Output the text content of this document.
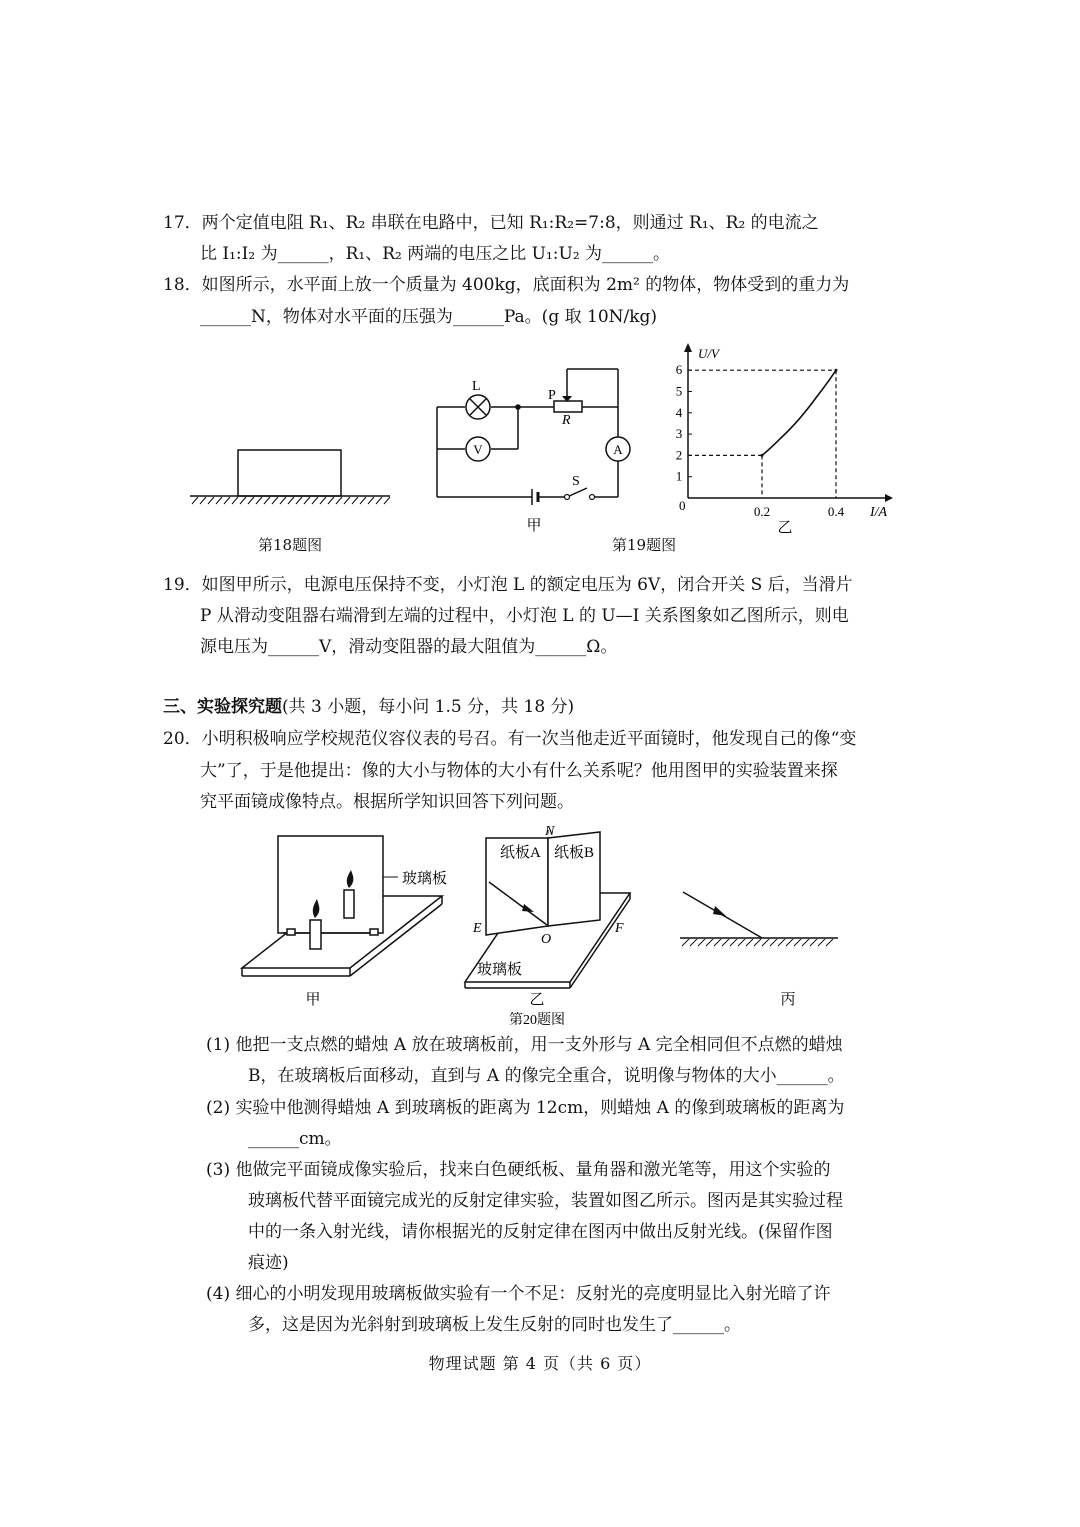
17．两个定值电阻 R₁、R₂ 串联在电路中，已知 R₁:R₂=7:8，则通过 R₁、R₂ 的电流之
比 I₁:I₂ 为______，R₁、R₂ 两端的电压之比 U₁:U₂ 为______。
18．如图所示，水平面上放一个质量为 400kg，底面积为 2m² 的物体，物体受到的重力为
______N，物体对水平面的压强为______Pa。(g 取 10N/kg)
L
P
R
S
V	A
甲
U/V
I/A
0
1
2
3
4
5
6
0.2	0.4
乙
第18题图	第19题图
19．如图甲所示，电源电压保持不变，小灯泡 L 的额定电压为 6V，闭合开关 S 后，当滑片
P 从滑动变阻器右端滑到左端的过程中，小灯泡 L 的 U—I 关系图象如乙图所示，则电
源电压为______V，滑动变阻器的最大阻值为______Ω。
三、实验探究题(共 3 小题，每小问 1.5 分，共 18 分)
20．小明积极响应学校规范仪容仪表的号召。有一次当他走近平面镜时，他发现自己的像“变
大”了，于是他提出：像的大小与物体的大小有什么关系呢？他用图甲的实验装置来探
究平面镜成像特点。根据所学知识回答下列问题。
玻璃板
甲
N
纸板A 纸板B
E
O
F
玻璃板
乙	丙
第20题图
(1) 他把一支点燃的蜡烛 A 放在玻璃板前，用一支外形与 A 完全相同但不点燃的蜡烛
B，在玻璃板后面移动，直到与 A 的像完全重合，说明像与物体的大小______。
(2) 实验中他测得蜡烛 A 到玻璃板的距离为 12cm，则蜡烛 A 的像到玻璃板的距离为
______cm。
(3) 他做完平面镜成像实验后，找来白色硬纸板、量角器和激光笔等，用这个实验的
玻璃板代替平面镜完成光的反射定律实验，装置如图乙所示。图丙是其实验过程
中的一条入射光线，请你根据光的反射定律在图丙中做出反射光线。(保留作图
痕迹)
(4) 细心的小明发现用玻璃板做实验有一个不足：反射光的亮度明显比入射光暗了许
多，这是因为光斜射到玻璃板上发生反射的同时也发生了______。
物理试题 第 4 页（共 6 页）
